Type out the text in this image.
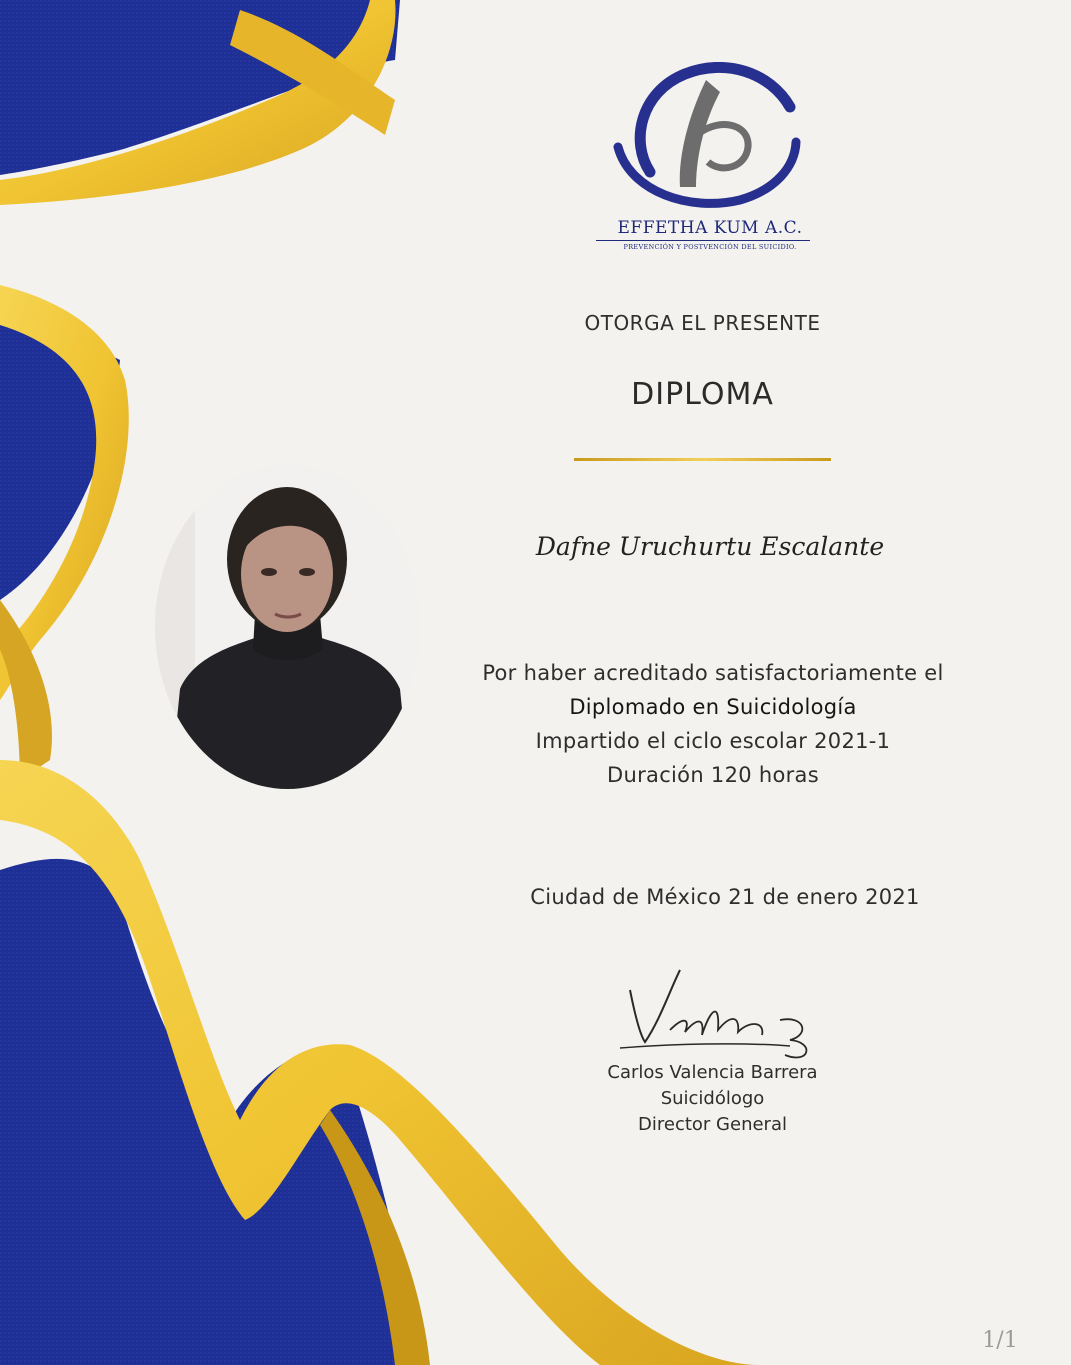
EFFETHA KUM A.C.
PREVENCIÓN Y POSTVENCIÓN DEL SUICIDIO.
OTORGA EL PRESENTE
DIPLOMA
Dafne Uruchurtu Escalante
Por haber acreditado satisfactoriamente el
Diplomado en Suicidología
Impartido el ciclo escolar 2021-1
Duración 120 horas
Ciudad de México 21 de enero 2021
Carlos Valencia Barrera
Suicidólogo
Director General
1/1
